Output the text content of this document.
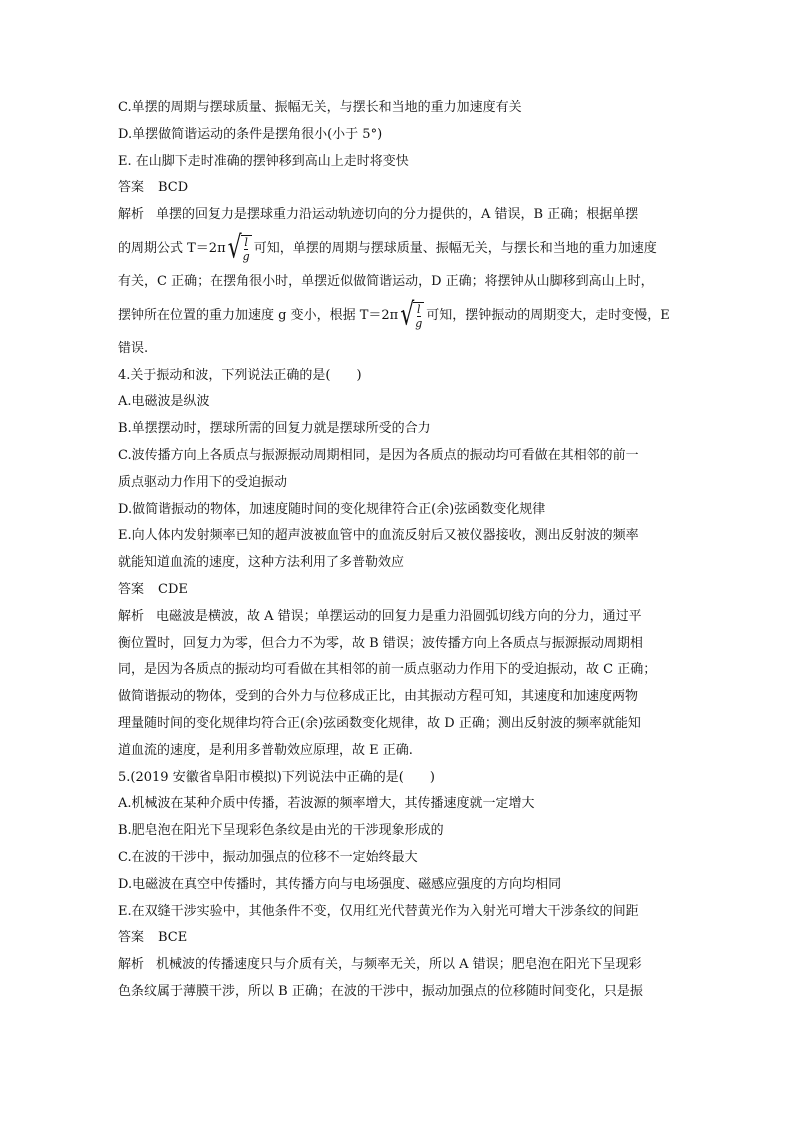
C.单摆的周期与摆球质量、振幅无关，与摆长和当地的重力加速度有关
D.单摆做简谐运动的条件是摆角很小(小于 5°)
E. 在山脚下走时准确的摆钟移到高山上走时将变快
答案 BCD
解析 单摆的回复力是摆球重力沿运动轨迹切向的分力提供的，A 错误，B 正确；根据单摆
的周期公式 T＝2π √ $\frac{l}{g}$ 可知，单摆的周期与摆球质量、振幅无关，与摆长和当地的重力加速度
有关，C 正确；在摆角很小时，单摆近似做简谐运动，D 正确；将摆钟从山脚移到高山上时，
摆钟所在位置的重力加速度 g 变小，根据 T＝2π √ $\frac{l}{g}$ 可知，摆钟振动的周期变大，走时变慢，E
错误.
4.关于振动和波，下列说法正确的是(　　)
A.电磁波是纵波
B.单摆摆动时，摆球所需的回复力就是摆球所受的合力
C.波传播方向上各质点与振源振动周期相同，是因为各质点的振动均可看做在其相邻的前一
质点驱动力作用下的受迫振动
D.做简谐振动的物体，加速度随时间的变化规律符合正(余)弦函数变化规律
E.向人体内发射频率已知的超声波被血管中的血流反射后又被仪器接收，测出反射波的频率
就能知道血流的速度，这种方法利用了多普勒效应
答案 CDE
解析 电磁波是横波，故 A 错误；单摆运动的回复力是重力沿圆弧切线方向的分力，通过平
衡位置时，回复力为零，但合力不为零，故 B 错误；波传播方向上各质点与振源振动周期相
同，是因为各质点的振动均可看做在其相邻的前一质点驱动力作用下的受迫振动，故 C 正确；
做简谐振动的物体，受到的合外力与位移成正比，由其振动方程可知，其速度和加速度两物
理量随时间的变化规律均符合正(余)弦函数变化规律，故 D 正确；测出反射波的频率就能知
道血流的速度，是利用多普勒效应原理，故 E 正确.
5.(2019 安徽省阜阳市模拟)下列说法中正确的是(　　)
A.机械波在某种介质中传播，若波源的频率增大，其传播速度就一定增大
B.肥皂泡在阳光下呈现彩色条纹是由光的干涉现象形成的
C.在波的干涉中，振动加强点的位移不一定始终最大
D.电磁波在真空中传播时，其传播方向与电场强度、磁感应强度的方向均相同
E.在双缝干涉实验中，其他条件不变，仅用红光代替黄光作为入射光可增大干涉条纹的间距
答案 BCE
解析 机械波的传播速度只与介质有关，与频率无关，所以 A 错误；肥皂泡在阳光下呈现彩
色条纹属于薄膜干涉，所以 B 正确；在波的干涉中，振动加强点的位移随时间变化，只是振
